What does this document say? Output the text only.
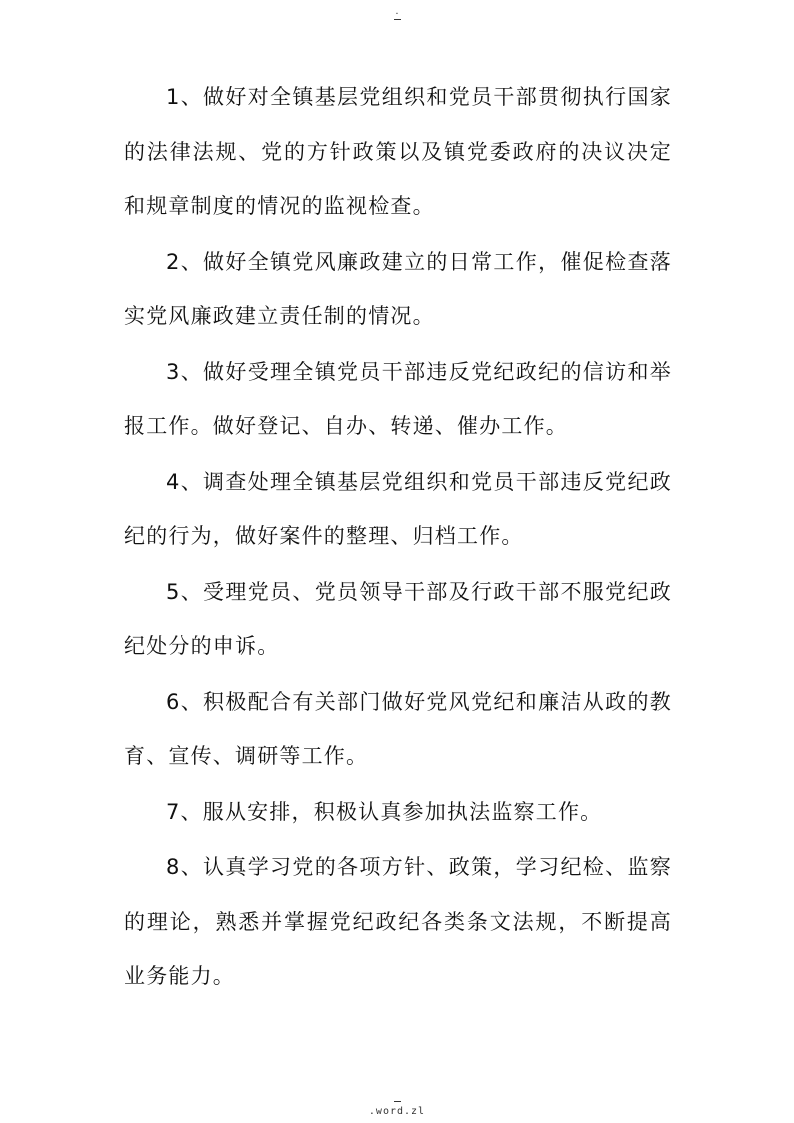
.

1、做好对全镇基层党组织和党员干部贯彻执行国家的法律法规、党的方针政策以及镇党委政府的决议决定和规章制度的情况的监视检查。

2、做好全镇党风廉政建立的日常工作，催促检查落实党风廉政建立责任制的情况。

3、做好受理全镇党员干部违反党纪政纪的信访和举报工作。做好登记、自办、转递、催办工作。

4、调查处理全镇基层党组织和党员干部违反党纪政纪的行为，做好案件的整理、归档工作。

5、受理党员、党员领导干部及行政干部不服党纪政纪处分的申诉。

6、积极配合有关部门做好党风党纪和廉洁从政的教育、宣传、调研等工作。

7、服从安排，积极认真参加执法监察工作。

8、认真学习党的各项方针、政策，学习纪检、监察的理论，熟悉并掌握党纪政纪各类条文法规，不断提高业务能力。

.word.zl
